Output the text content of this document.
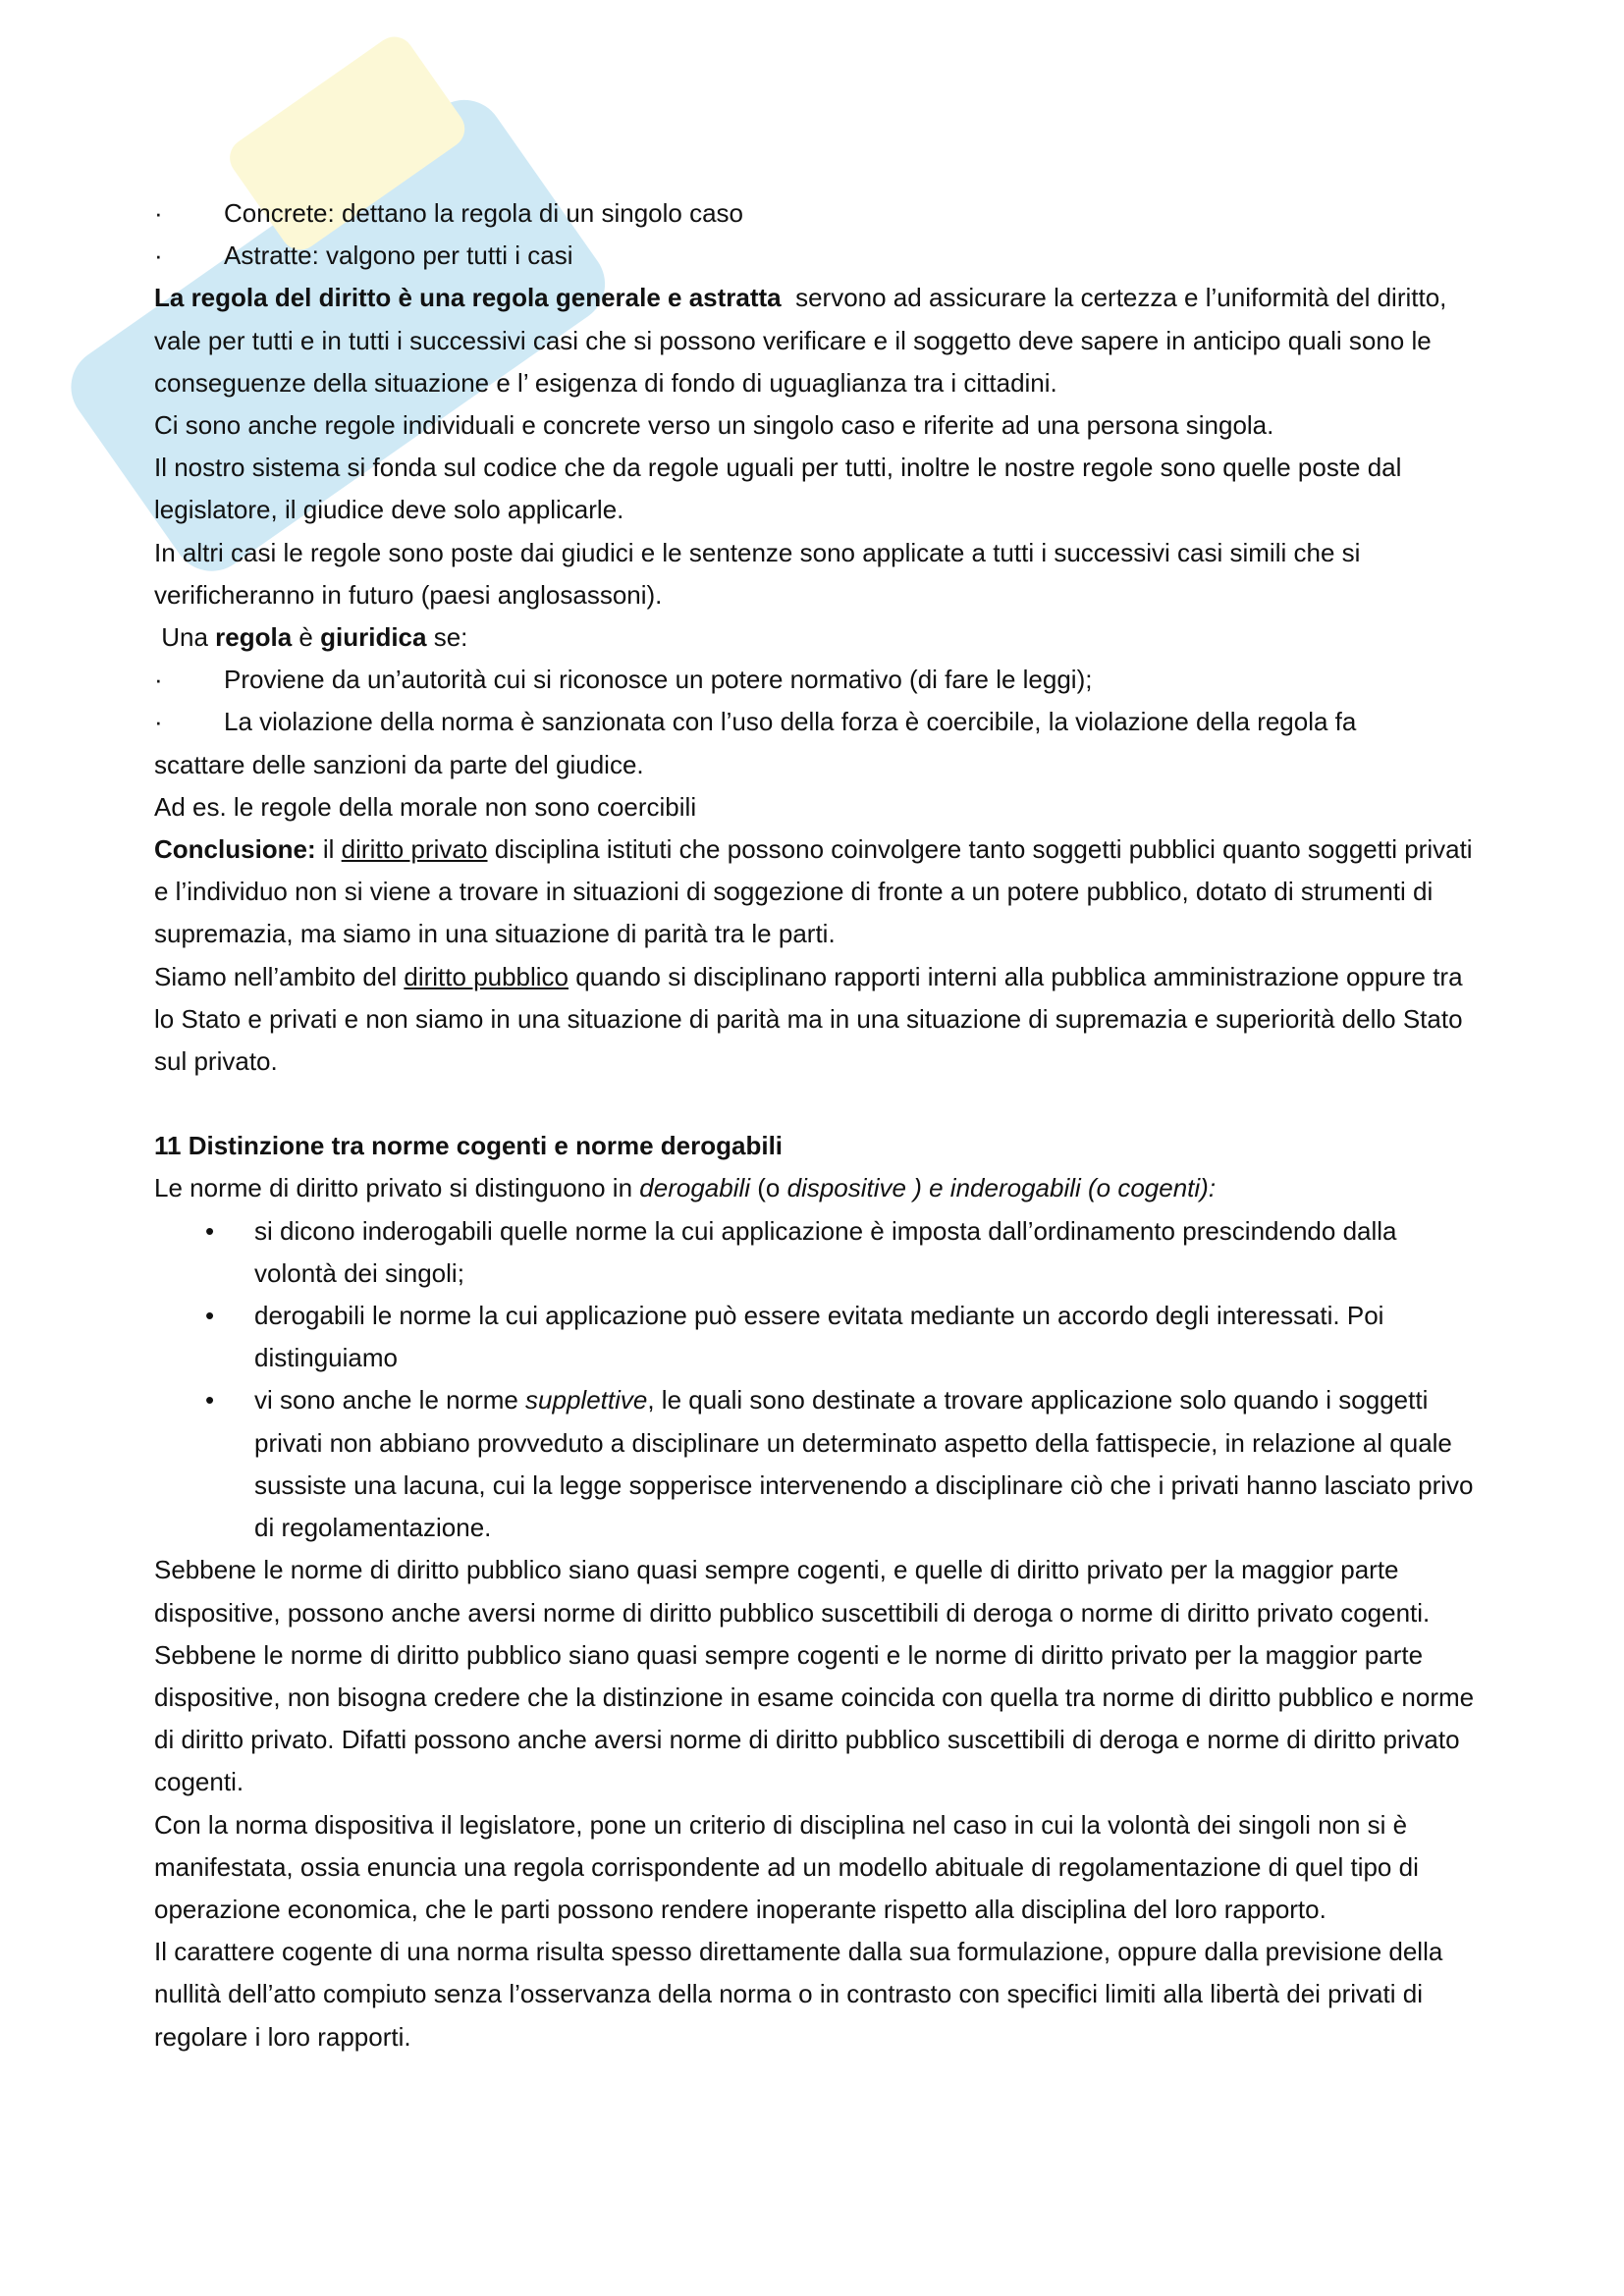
·	Concrete: dettano la regola di un singolo caso
·	Astratte: valgono per tutti i casi

La regola del diritto è una regola generale e astratta  servono ad assicurare la certezza e l’uniformità del diritto, vale per tutti e in tutti i successivi casi che si possono verificare e il soggetto deve sapere in anticipo quali sono le conseguenze della situazione e l’ esigenza di fondo di uguaglianza tra i cittadini.

Ci sono anche regole individuali e concrete verso un singolo caso e riferite ad una persona singola.

Il nostro sistema si fonda sul codice che da regole uguali per tutti, inoltre le nostre regole sono quelle poste dal legislatore, il giudice deve solo applicarle.

In altri casi le regole sono poste dai giudici e le sentenze sono applicate a tutti i successivi casi simili che si verificheranno in futuro (paesi anglosassoni).

Una regola è giuridica se:

·	Proviene da un’autorità cui si riconosce un potere normativo (di fare le leggi);
·	La violazione della norma è sanzionata con l’uso della forza è coercibile, la violazione della regola fa

scattare delle sanzioni da parte del giudice.

Ad es. le regole della morale non sono coercibili

Conclusione: il diritto privato disciplina istituti che possono coinvolgere tanto soggetti pubblici quanto soggetti privati e l’individuo non si viene a trovare in situazioni di soggezione di fronte a un potere pubblico, dotato di strumenti di supremazia, ma siamo in una situazione di parità tra le parti.

Siamo nell’ambito del diritto pubblico quando si disciplinano rapporti interni alla pubblica amministrazione oppure tra lo Stato e privati e non siamo in una situazione di parità ma in una situazione di supremazia e superiorità dello Stato sul privato.

11 Distinzione tra norme cogenti e norme derogabili

Le norme di diritto privato si distinguono in derogabili (o dispositive ) e inderogabili (o cogenti):

• si dicono inderogabili quelle norme la cui applicazione è imposta dall’ordinamento prescindendo dalla volontà dei singoli;
• derogabili le norme la cui applicazione può essere evitata mediante un accordo degli interessati. Poi distinguiamo
• vi sono anche le norme supplettive, le quali sono destinate a trovare applicazione solo quando i soggetti privati non abbiano provveduto a disciplinare un determinato aspetto della fattispecie, in relazione al quale sussiste una lacuna, cui la legge sopperisce intervenendo a disciplinare ciò che i privati hanno lasciato privo di regolamentazione.

Sebbene le norme di diritto pubblico siano quasi sempre cogenti, e quelle di diritto privato per la maggior parte dispositive, possono anche aversi norme di diritto pubblico suscettibili di deroga o norme di diritto privato cogenti.

Sebbene le norme di diritto pubblico siano quasi sempre cogenti e le norme di diritto privato per la maggior parte dispositive, non bisogna credere che la distinzione in esame coincida con quella tra norme di diritto pubblico e norme di diritto privato. Difatti possono anche aversi norme di diritto pubblico suscettibili di deroga e norme di diritto privato cogenti.

Con la norma dispositiva il legislatore, pone un criterio di disciplina nel caso in cui la volontà dei singoli non si è manifestata, ossia enuncia una regola corrispondente ad un modello abituale di regolamentazione di quel tipo di operazione economica, che le parti possono rendere inoperante rispetto alla disciplina del loro rapporto.

Il carattere cogente di una norma risulta spesso direttamente dalla sua formulazione, oppure dalla previsione della nullità dell’atto compiuto senza l’osservanza della norma o in contrasto con specifici limiti alla libertà dei privati di regolare i loro rapporti.
